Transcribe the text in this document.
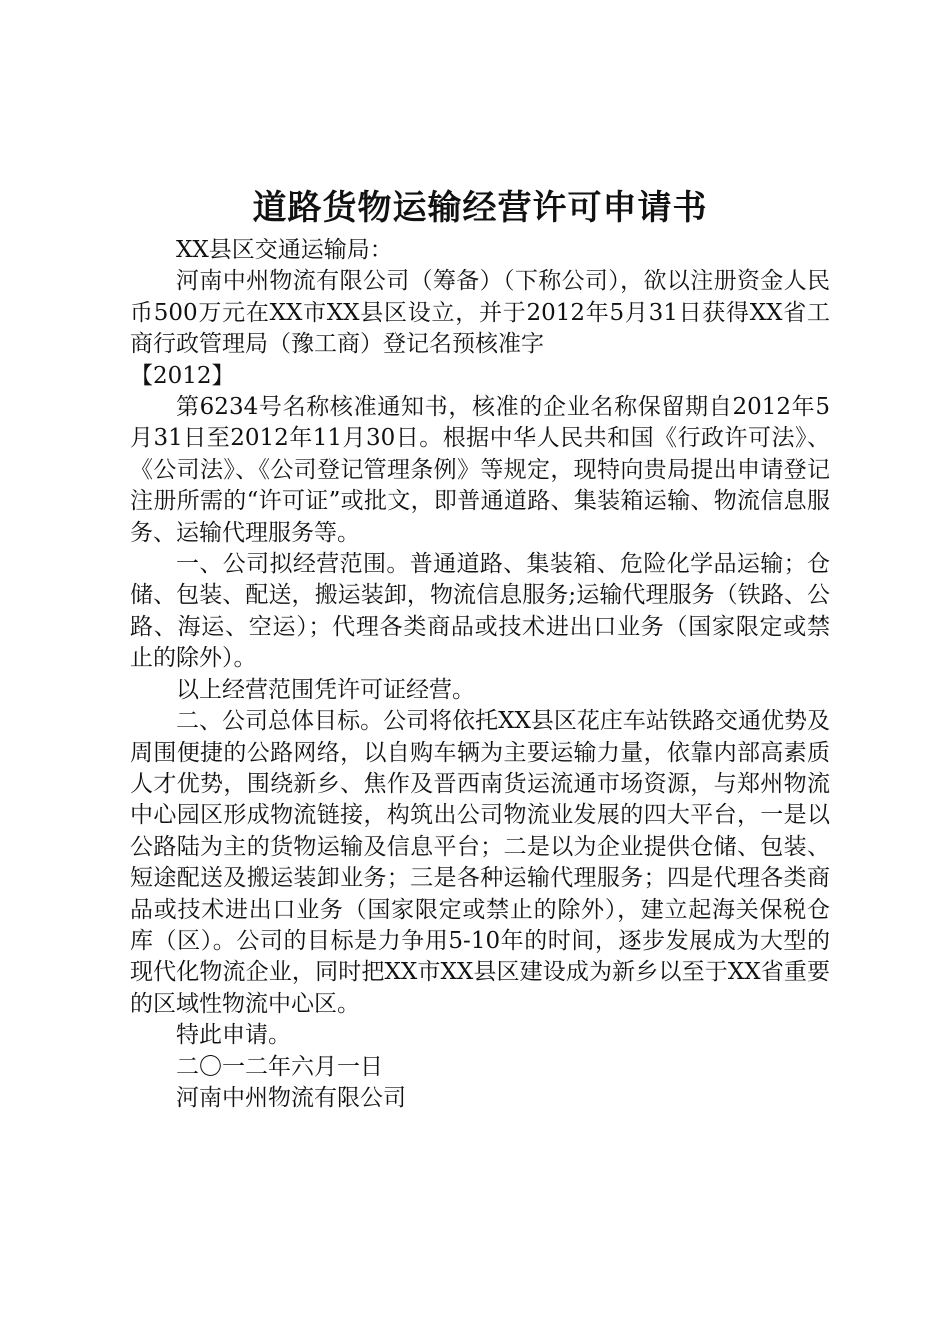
道路货物运输经营许可申请书

XX县区交通运输局：

河南中州物流有限公司（筹备）（下称公司），欲以注册资金人民币500万元在XX市XX县区设立，并于2012年5月31日获得XX省工商行政管理局（豫工商）登记名预核准字

【2012】

第6234号名称核准通知书，核准的企业名称保留期自2012年5月31日至2012年11月30日。根据中华人民共和国《行政许可法》、《公司法》、《公司登记管理条例》等规定，现特向贵局提出申请登记注册所需的“许可证”或批文，即普通道路、集装箱运输、物流信息服务、运输代理服务等。

一、公司拟经营范围。普通道路、集装箱、危险化学品运输；仓储、包装、配送，搬运装卸，物流信息服务;运输代理服务（铁路、公路、海运、空运）；代理各类商品或技术进出口业务（国家限定或禁止的除外）。

以上经营范围凭许可证经营。

二、公司总体目标。公司将依托XX县区花庄车站铁路交通优势及周围便捷的公路网络，以自购车辆为主要运输力量，依靠内部高素质人才优势，围绕新乡、焦作及晋西南货运流通市场资源，与郑州物流中心园区形成物流链接，构筑出公司物流业发展的四大平台，一是以公路陆为主的货物运输及信息平台；二是以为企业提供仓储、包装、短途配送及搬运装卸业务；三是各种运输代理服务；四是代理各类商品或技术进出口业务（国家限定或禁止的除外），建立起海关保税仓库（区）。公司的目标是力争用5-10年的时间，逐步发展成为大型的现代化物流企业，同时把XX市XX县区建设成为新乡以至于XX省重要的区域性物流中心区。

特此申请。

二〇一二年六月一日

河南中州物流有限公司
